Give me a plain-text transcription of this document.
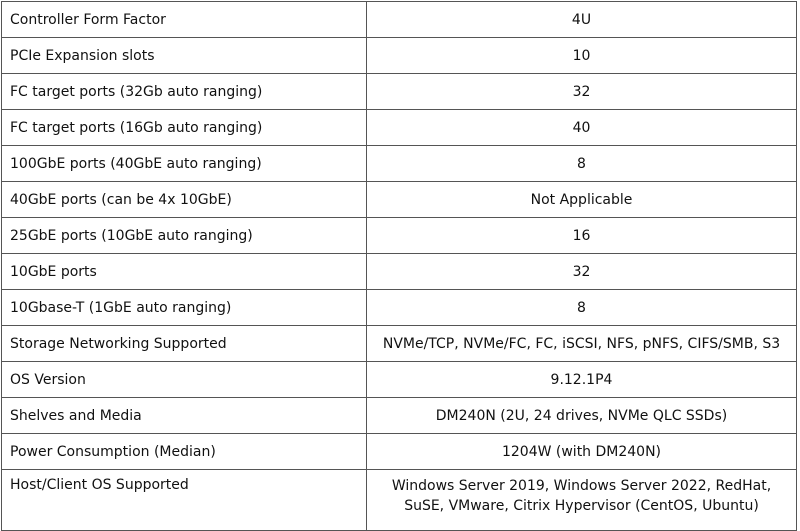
Controller Form Factor	4U
PCIe Expansion slots	10
FC target ports (32Gb auto ranging)	32
FC target ports (16Gb auto ranging)	40
100GbE ports (40GbE auto ranging)	8
40GbE ports (can be 4x 10GbE)	Not Applicable
25GbE ports (10GbE auto ranging)	16
10GbE ports	32
10Gbase-T (1GbE auto ranging)	8
Storage Networking Supported	NVMe/TCP, NVMe/FC, FC, iSCSI, NFS, pNFS, CIFS/SMB, S3
OS Version	9.12.1P4
Shelves and Media	DM240N (2U, 24 drives, NVMe QLC SSDs)
Power Consumption (Median)	1204W (with DM240N)
Host/Client OS Supported	Windows Server 2019, Windows Server 2022, RedHat,
SuSE, VMware, Citrix Hypervisor (CentOS, Ubuntu)
